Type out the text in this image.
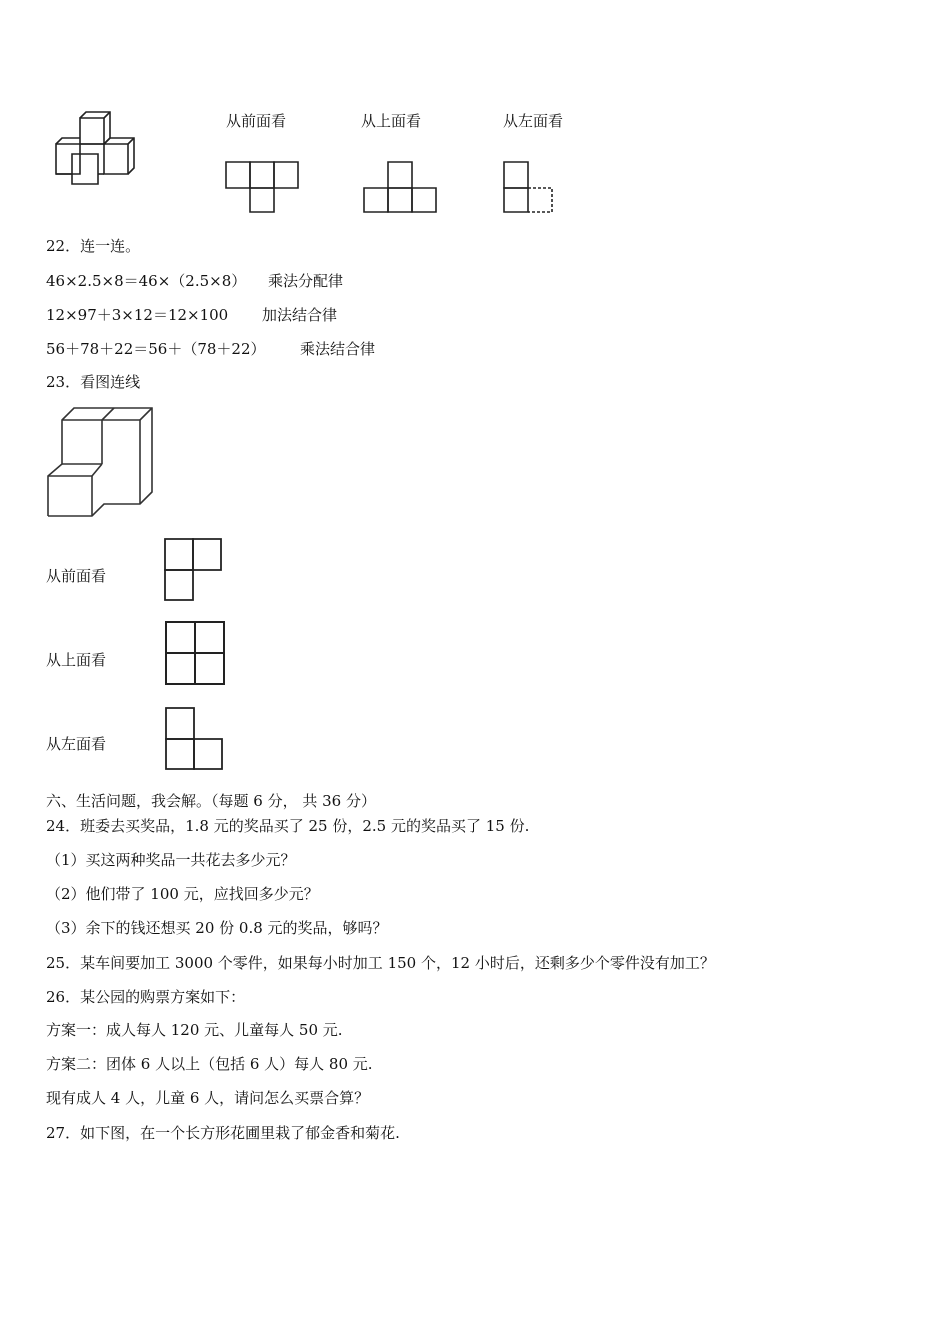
从前面看	从上面看	从左面看
22．连一连。
46×2.5×8＝46×（2.5×8） 乘法分配律
12×97＋3×12＝12×100 加法结合律
56＋78＋22＝56＋（78＋22） 乘法结合律
23．看图连线
从前面看
从上面看
从左面看
六、生活问题，我会解。（每题 6 分， 共 36 分）
24．班委去买奖品，1.8 元的奖品买了 25 份，2.5 元的奖品买了 15 份.
（1）买这两种奖品一共花去多少元？
（2）他们带了 100 元，应找回多少元？
（3）余下的钱还想买 20 份 0.8 元的奖品，够吗？
25．某车间要加工 3000 个零件，如果每小时加工 150 个，12 小时后，还剩多少个零件没有加工？
26．某公园的购票方案如下：
方案一：成人每人 120 元、儿童每人 50 元.
方案二：团体 6 人以上（包括 6 人）每人 80 元.
现有成人 4 人，儿童 6 人，请问怎么买票合算？
27．如下图，在一个长方形花圃里栽了郁金香和菊花.
